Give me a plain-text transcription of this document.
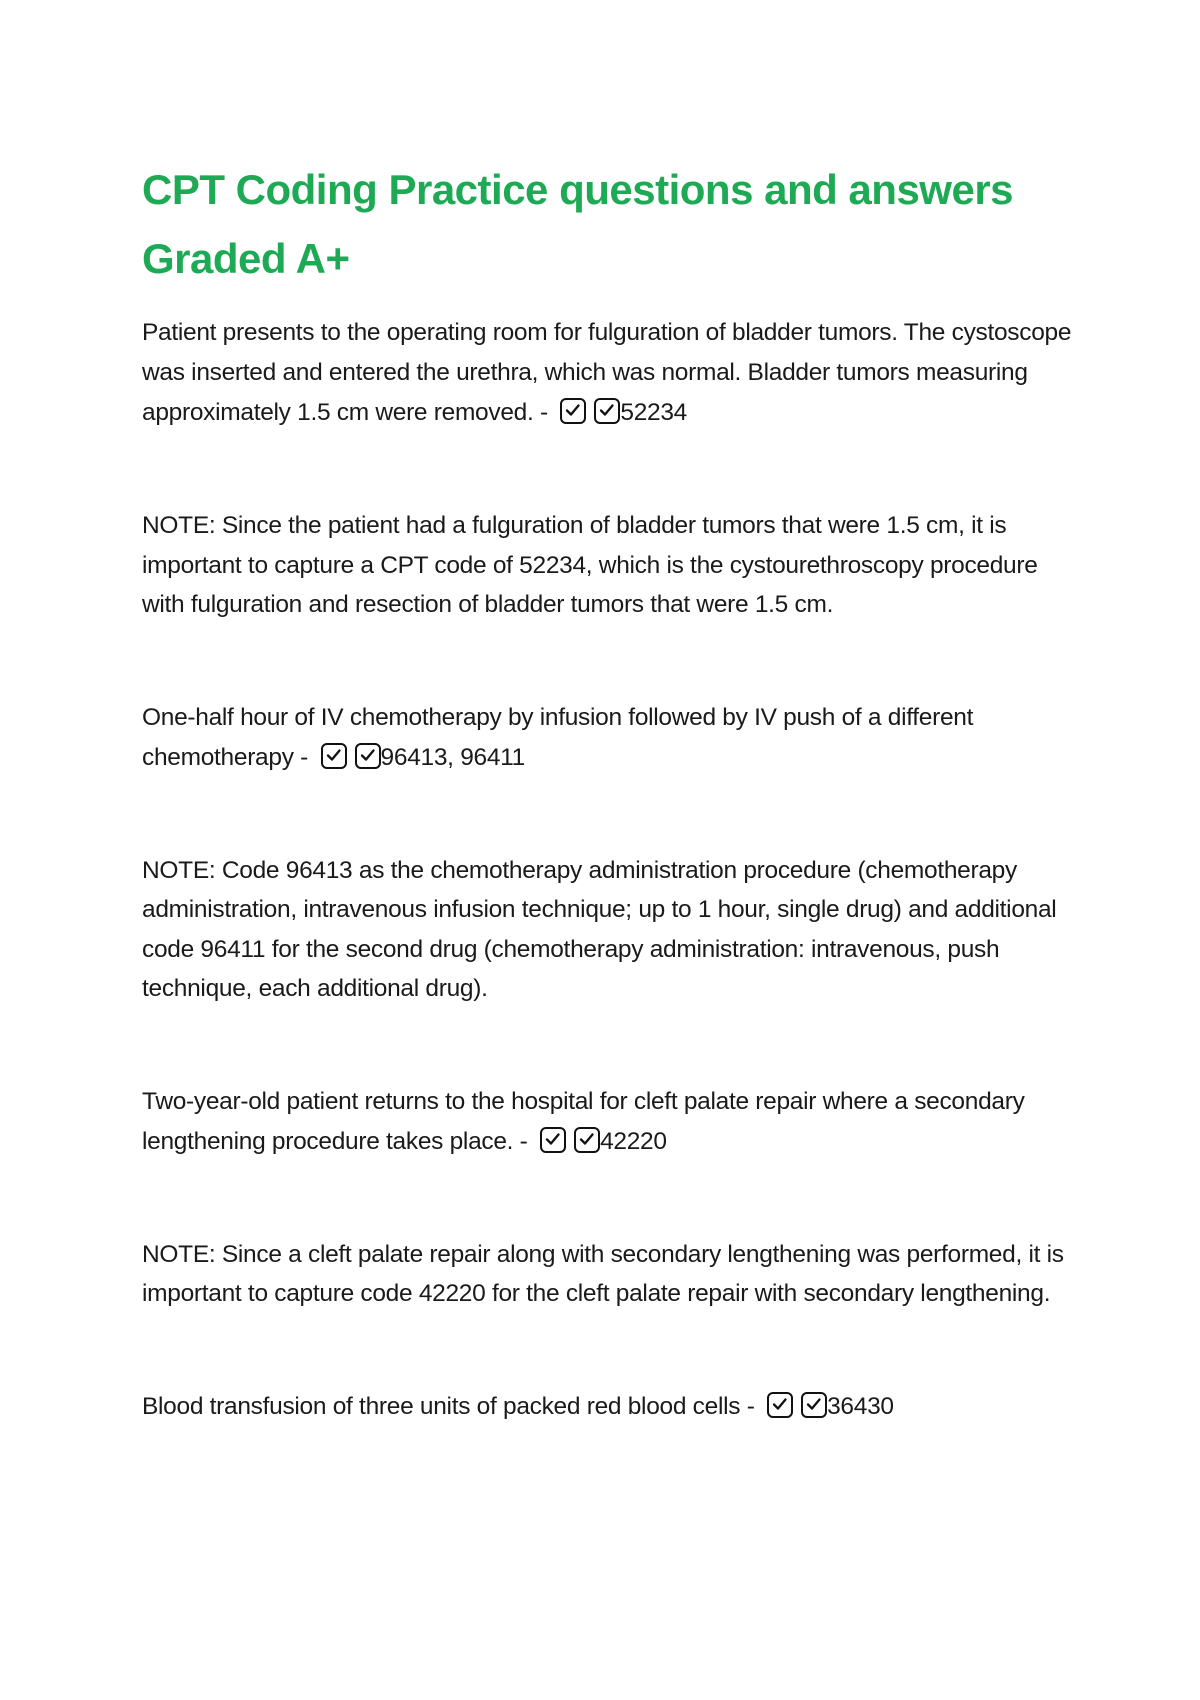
CPT Coding Practice questions and answers Graded A+

Patient presents to the operating room for fulguration of bladder tumors. The cystoscope was inserted and entered the urethra, which was normal. Bladder tumors measuring approximately 1.5 cm were removed. -	52234

NOTE: Since the patient had a fulguration of bladder tumors that were 1.5 cm, it is important to capture a CPT code of 52234, which is the cystourethroscopy procedure with fulguration and resection of bladder tumors that were 1.5 cm.

One-half hour of IV chemotherapy by infusion followed by IV push of a different chemotherapy -	96413, 96411

NOTE: Code 96413 as the chemotherapy administration procedure (chemotherapy administration, intravenous infusion technique; up to 1 hour, single drug) and additional code 96411 for the second drug (chemotherapy administration: intravenous, push technique, each additional drug).

Two-year-old patient returns to the hospital for cleft palate repair where a secondary lengthening procedure takes place. -	42220

NOTE: Since a cleft palate repair along with secondary lengthening was performed, it is important to capture code 42220 for the cleft palate repair with secondary lengthening.

Blood transfusion of three units of packed red blood cells -	36430
